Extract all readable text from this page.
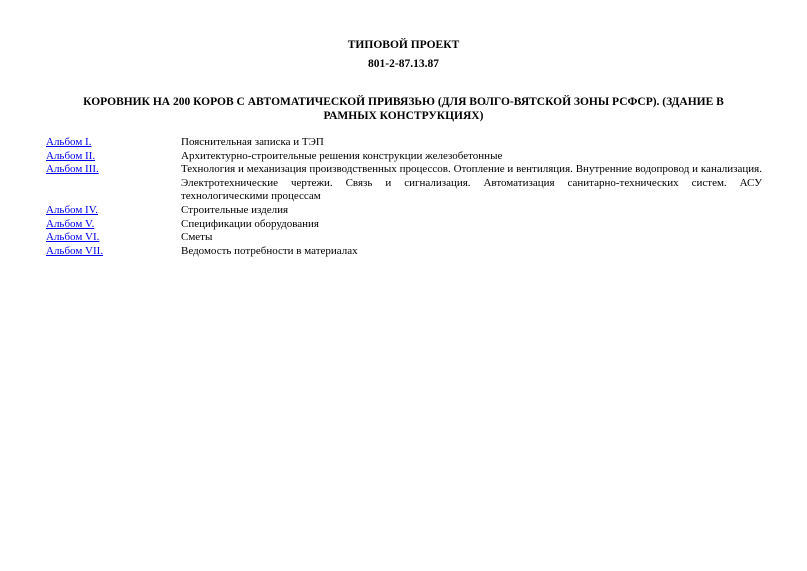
ТИПОВОЙ ПРОЕКТ
801-2-87.13.87
КОРОВНИК НА 200 КОРОВ С АВТОМАТИЧЕСКОЙ ПРИВЯЗЬЮ (ДЛЯ ВОЛГО-ВЯТСКОЙ ЗОНЫ РСФСР). (ЗДАНИЕ В РАМНЫХ КОНСТРУКЦИЯХ)
Альбом I.	Пояснительная записка и ТЭП
Альбом II.	Архитектурно-строительные решения конструкции железобетонные
Альбом III.	Технология и механизация производственных процессов. Отопление и вентиляция. Внутренние водопровод и канализация. Электротехнические чертежи. Связь и сигнализация. Автоматизация санитарно-технических систем. АСУ технологическими процессам
Альбом IV.	Строительные изделия
Альбом V.	Спецификации оборудования
Альбом VI.	Сметы
Альбом VII.	Ведомость потребности в материалах
